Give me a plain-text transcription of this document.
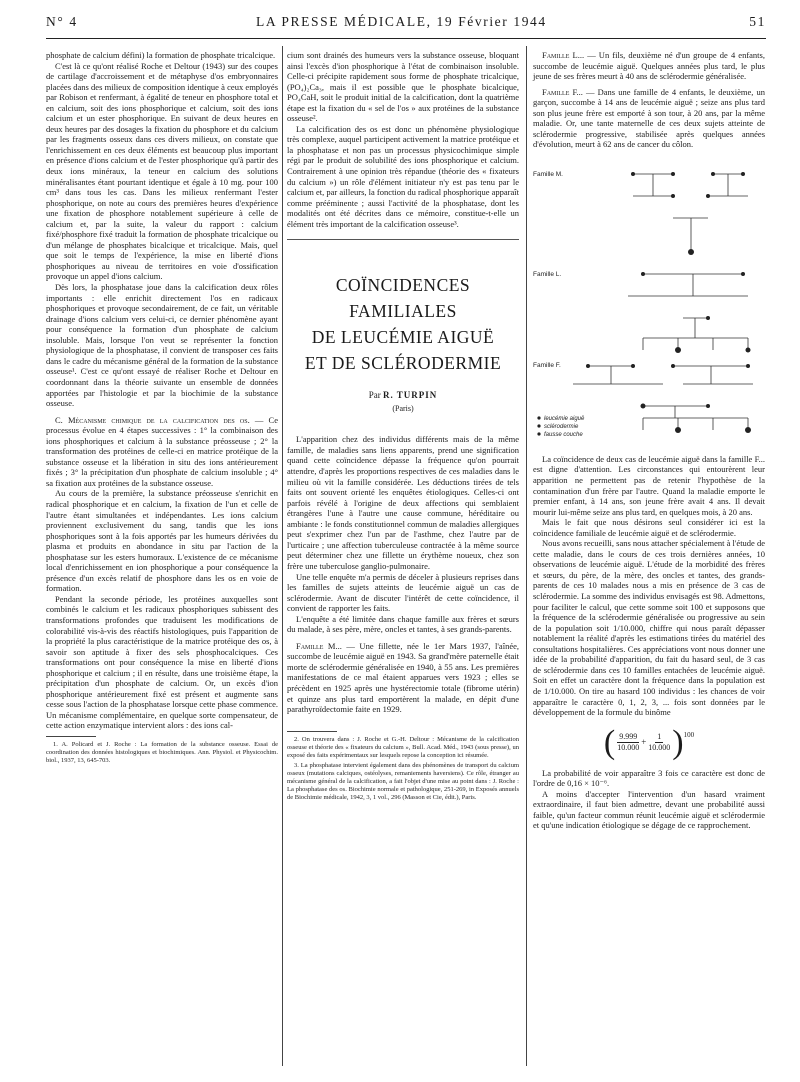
N° 4	LA PRESSE MÉDICALE, 19 Février 1944	51

phosphate de calcium défini) la formation de phosphate tricalcique.

C'est là ce qu'ont réalisé Roche et Deltour (1943) sur des coupes de cartilage d'accroissement et de métaphyse d'os embryonnaires placées dans des milieux de composition identique à ceux employés par Robison et renfermant, à égalité de teneur en phosphore total et en calcium, soit des ions phosphorique et calcium, soit des ions calcium et un ester phosphorique. En suivant de deux heures en deux heures par des dosages la fixation du phosphore et du calcium par les fragments osseux dans ces divers milieux, on constate que l'enrichissement en ces deux éléments est beaucoup plus important en présence d'ions calcium et de l'ester phosphorique qu'à partir des deux ions minéraux, la teneur en calcium des solutions minéralisantes étant pourtant identique et égale à 10 mg. pour 100 cm³ dans tous les cas. Dans les milieux renfermant l'ester phosphorique, on note au cours des premières heures d'expérience une fixation de phosphore notablement supérieure à celle de calcium et, par la suite, la valeur du rapport : calcium fixé/phosphore fixé traduit la formation de phosphate tricalcique ou d'un mélange de phosphates bicalcique et tricalcique. Mais, quel que soit le temps de l'expérience, la mise en liberté d'ions phosphoriques au niveau de territoires en voie d'ossification provoque un appel d'ions calcium.

Dès lors, la phosphatase joue dans la calcification deux rôles importants : elle enrichit directement l'os en radicaux phosphoriques et provoque secondairement, de ce fait, un véritable drainage d'ions calcium vers celui-ci, ce dernier phénomène ayant pour conséquence la formation d'un phosphate de calcium insoluble. Mais, lorsque l'on veut se représenter la fonction physiologique de la phosphatase, il convient de transposer ces faits dans le cadre du mécanisme général de la formation de la substance osseuse¹. C'est ce qu'ont essayé de réaliser Roche et Deltour en coordonnant dans la théorie suivante un ensemble de données apportées par l'histologie et par la biochimie de la substance osseuse.

C. Mécanisme chimique de la calcification des os. — Ce processus évolue en 4 étapes successives : 1° la combinaison des ions phosphoriques et calcium à la substance préosseuse ; 2° la transformation des protéines de celle-ci en matrice protéique de la substance osseuse et la libération in situ des ions antérieurement fixés ; 3° la précipitation d'un phosphate de calcium insoluble ; 4° sa fixation aux protéines de la substance osseuse.

Au cours de la première, la substance préosseuse s'enrichit en radical phosphorique et en calcium, la fixation de l'un et celle de l'autre étant simultanées et indépendantes. Les ions calcium proviennent exclusivement du sang, tandis que les ions phosphoriques sont à la fois apportés par les humeurs dérivées du plasma et produits en abondance in situ par l'action de la phosphatase sur les esters humoraux. L'existence de ce mécanisme local d'enrichissement en ion phosphorique a pour conséquence la présence d'un excès relatif de phosphore dans les os en voie de formation.

Pendant la seconde période, les protéines auxquelles sont combinés le calcium et les radicaux phosphoriques subissent des transformations profondes que traduisent les modifications de colorabilité vis-à-vis des réactifs histologiques, puis l'apparition de la propriété la plus caractéristique de la matrice protéique des os, à savoir son aptitude à fixer des sels phosphocalciques. Ces transformations ont pour conséquence la mise en liberté d'ions phosphorique et calcium ; il en résulte, dans une troisième étape, la précipitation d'un phosphate de calcium. Or, un excès d'ion phosphorique antérieurement fixé est présent et augmente sans cesse sous l'action de la phosphatase lorsque cette phase commence. Un mécanisme complémentaire, en quelque sorte compensateur, de cette action enzymatique intervient alors : des ions cal-

1. A. Policard et J. Roche : La formation de la substance osseuse. Essai de coordination des données histologiques et biochimiques. Ann. Physiol. et Physicochim. biol., 1937, 13, 645-703.

cium sont drainés des humeurs vers la substance osseuse, bloquant ainsi l'excès d'ion phosphorique à l'état de combinaison insoluble. Celle-ci précipite rapidement sous forme de phosphate tricalcique, (PO₄)₂Ca₃, mais il est possible que le phosphate bicalcique, PO₄CaH, soit le produit initial de la calcification, dont la quatrième étape est la fixation du « sel de l'os » aux protéines de la substance osseuse².

La calcification des os est donc un phénomène physiologique très complexe, auquel participent activement la matrice protéique et la phosphatase et non pas un processus physicochimique simple régi par le produit de solubilité des ions phosphorique et calcium. Contrairement à une opinion très répandue (théorie des « fixateurs du calcium ») un rôle d'élément initiateur n'y est pas tenu par le calcium et, par ailleurs, la fonction du radical phosphorique apparaît comme prééminente ; aussi l'activité de la phosphatase, dont les modalités ont été décrites dans ce mémoire, constitue-t-elle un élément très important de la calcification osseuse³.

COÏNCIDENCES FAMILIALES
DE LEUCÉMIE AIGUË
ET DE SCLÉRODERMIE
Par R. TURPIN
(Paris)

L'apparition chez des individus différents mais de la même famille, de maladies sans liens apparents, prend une signification quand cette coïncidence dépasse la fréquence qu'on pourrait attendre, d'après les proportions respectives de ces maladies dans le milieu où vit la famille considérée. Les déductions tirées de tels faits ont souvent orienté les enquêtes étiologiques. Celles-ci ont parfois révélé à l'origine de deux affections qui semblaient étrangères l'une à l'autre une cause commune, héréditaire ou ambiante : le fonds constitutionnel commun de maladies allergiques peut s'exprimer chez l'un par de l'asthme, chez l'autre par de l'urticaire ; une affection tuberculeuse contractée à la même source peut déterminer chez une fillette un érythème noueux, chez son frère une tuberculose ganglio-pulmonaire.

Une telle enquête m'a permis de déceler à plusieurs reprises dans les familles de sujets atteints de leucémie aiguë un cas de sclérodermie. Avant de discuter l'intérêt de cette coïncidence, il convient de rapporter les faits.

L'enquête a été limitée dans chaque famille aux frères et sœurs du malade, à ses père, mère, oncles et tantes, à ses grands-parents.

Famille M... — Une fillette, née le 1er Mars 1937, l'aînée, succombe de leucémie aiguë en 1943. Sa grand'mère paternelle était morte de sclérodermie généralisée en 1940, à 55 ans. Les premières manifestations de ce mal étaient apparues vers 1923 ; elles se précèdent en 1925 après une hystérectomie totale (fibrome utérin) et quinze ans plus tard emportèrent la malade, en dépit d'une parathyroïdectomie faite en 1929.

2. On trouvera dans : J. Roche et G.-H. Deltour : Mécanisme de la calcification osseuse et théorie des « fixateurs du calcium », Bull. Acad. Méd., 1943 (sous presse), un exposé des faits expérimentaux sur lesquels repose la conception ici résumée.

3. La phosphatase intervient également dans des phénomènes de transport du calcium osseux (mutations calciques, ostéolyses, remaniements haversiens). Ce rôle, étranger au mécanisme général de la calcification, a fait l'objet d'une mise au point dans : J. Roche : La phosphatase des os. Biochimie normale et pathologique, 251-269, in Exposés annuels de Biochimie médicale, 1942, 3, 1 vol., 296 (Masson et Cie, édit.), Paris.

Famille L... — Un fils, deuxième né d'un groupe de 4 enfants, succombe de leucémie aiguë. Quelques années plus tard, le plus jeune de ses frères meurt à 40 ans de sclérodermie généralisée.

Famille F... — Dans une famille de 4 enfants, le deuxième, un garçon, succombe à 14 ans de leucémie aiguë ; seize ans plus tard son plus jeune frère est emporté à son tour, à 20 ans, par la même maladie. Or, une tante maternelle de ces deux sujets atteinte de sclérodermie progressive, stabilisée après quelques années d'évolution, meurt à 62 ans de cancer du côlon.

Famille M.
Famille L.
Famille F.
leucémie aiguë
sclérodermie
fausse couche

La coïncidence de deux cas de leucémie aiguë dans la famille F... est digne d'attention. Les circonstances qui entourèrent leur apparition ne permettent pas de retenir l'hypothèse de la contamination d'un frère par l'autre. Quand la maladie emporte le premier enfant, à 14 ans, son jeune frère avait 4 ans. Il devait mourir lui-même seize ans plus tard, en quelques mois, à 20 ans.

Mais le fait que nous désirons seul considérer ici est la coïncidence familiale de leucémie aiguë et de sclérodermie.

Nous avons recueilli, sans nous attacher spécialement à l'étude de cette maladie, dans le cours de ces trois dernières années, 10 observations de leucémie aiguë. L'étude de la morbidité des frères et sœurs, du père, de la mère, des oncles et tantes, des grands-parents de ces 10 malades nous a mis en présence de 3 cas de sclérodermie. La somme des individus envisagés est 98. Admettons, pour faciliter le calcul, que cette somme soit 100 et supposons que la fréquence de la sclérodermie généralisée ou progressive au sein de la population soit 1/10.000, chiffre qui nous paraît dépasser notablement la réalité d'après les estimations tirées du matériel des consultations hospitalières. Ces appréciations vont nous donner une idée de la probabilité d'apparition, du fait du hasard seul, de 3 cas de sclérodermie dans ces 10 familles entachées de leucémie aiguë. Soit en effet un caractère dont la fréquence dans la population est de 1/10.000. On tire au hasard 100 individus : les chances de voir apparaître le caractère 0, 1, 2, 3, ... fois sont données par le développement de la formule du binôme

( $\frac{9.999}{10.000} + \frac{1}{10.000}$ ) 100

La probabilité de voir apparaître 3 fois ce caractère est donc de l'ordre de 0,16 × 10⁻⁶.

A moins d'accepter l'intervention d'un hasard vraiment extraordinaire, il faut bien admettre, devant une probabilité aussi faible, qu'un facteur commun réunit leucémie aiguë et sclérodermie et qu'une indication étiologique se dégage de ce rapprochement.
